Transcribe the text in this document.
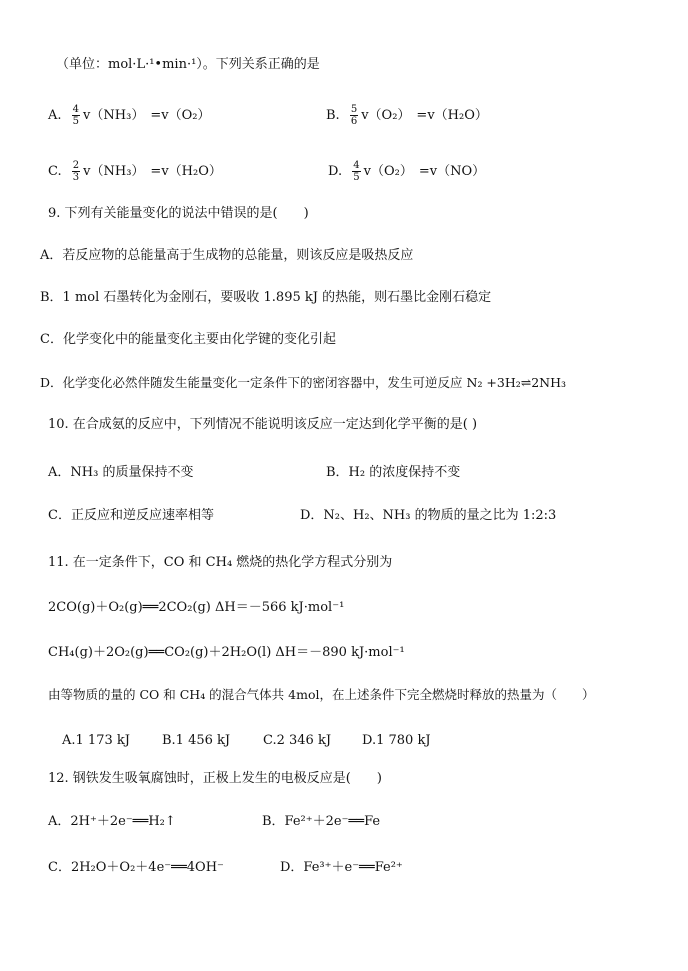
（单位：mol·L·¹•min·¹）。下列关系正确的是
A. $\frac{4}{5} v(NH_3) =v(O_2)$	B. $\frac{5}{6} v(O_2) =v(H_2O)$
C. $\frac{2}{3} v(NH_3) =v(H_2O)$	D. $\frac{4}{5} v(O_2) =v(NO)$
9. 下列有关能量变化的说法中错误的是(　　)
A．若反应物的总能量高于生成物的总能量，则该反应是吸热反应
B．1 mol 石墨转化为金刚石，要吸收 1.895 kJ 的热能，则石墨比金刚石稳定
C．化学变化中的能量变化主要由化学键的变化引起
D．化学变化必然伴随发生能量变化一定条件下的密闭容器中，发生可逆反应 N₂ +3H₂⇌2NH₃
10. 在合成氨的反应中，下列情况不能说明该反应一定达到化学平衡的是( )
A．NH₃ 的质量保持不变	B．H₂ 的浓度保持不变
C．正反应和逆反应速率相等	D．N₂、H₂、NH₃ 的物质的量之比为 1:2:3
11. 在一定条件下，CO 和 CH₄ 燃烧的热化学方程式分别为
2CO(g)＋O₂(g)══2CO₂(g) ΔH＝－566 kJ·mol⁻¹
CH₄(g)＋2O₂(g)══CO₂(g)＋2H₂O(l) ΔH＝－890 kJ·mol⁻¹
由等物质的量的 CO 和 CH₄ 的混合气体共 4mol，在上述条件下完全燃烧时释放的热量为（　　）
A.1 173 kJ B.1 456 kJ	C.2 346 kJ D.1 780 kJ
12. 钢铁发生吸氧腐蚀时，正极上发生的电极反应是(　　)
A．2H⁺＋2e⁻══H₂↑	B．Fe²⁺＋2e⁻══Fe
C．2H₂O＋O₂＋4e⁻══4OH⁻	D．Fe³⁺＋e⁻══Fe²⁺
